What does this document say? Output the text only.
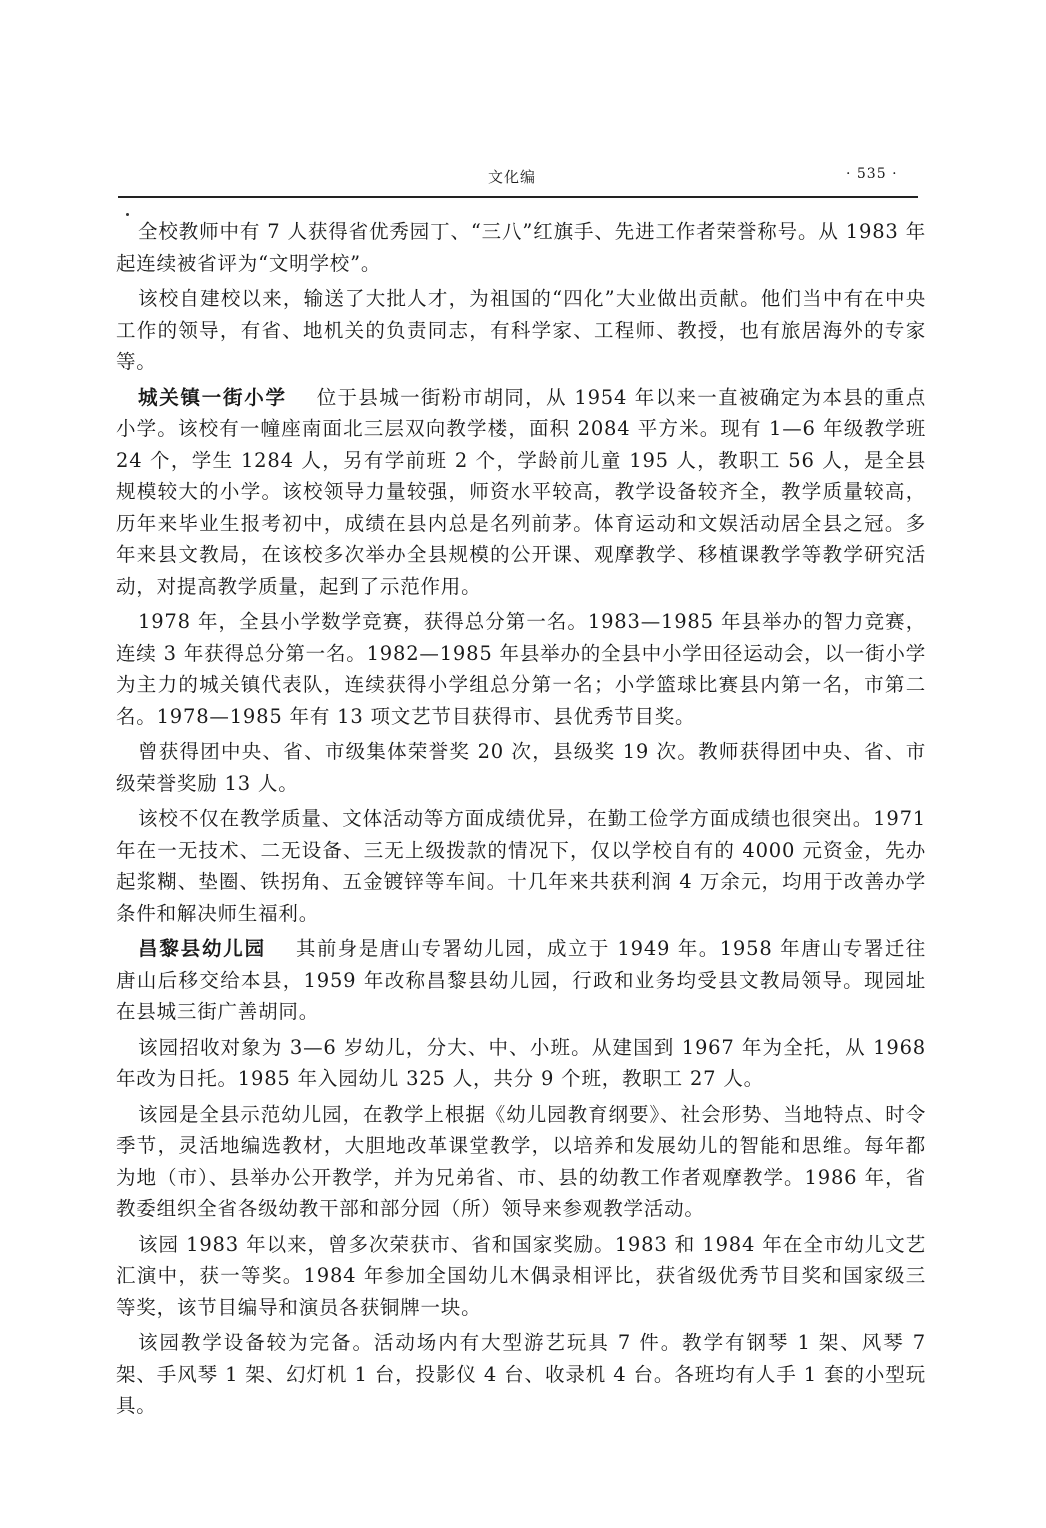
文化编	· 535 ·

全校教师中有 7 人获得省优秀园丁、“三八”红旗手、先进工作者荣誉称号。从 1983 年起连续被省评为“文明学校”。

该校自建校以来，输送了大批人才，为祖国的“四化”大业做出贡献。他们当中有在中央工作的领导，有省、地机关的负责同志，有科学家、工程师、教授，也有旅居海外的专家等。

城关镇一街小学 位于县城一街粉市胡同，从 1954 年以来一直被确定为本县的重点小学。该校有一幢座南面北三层双向教学楼，面积 2084 平方米。现有 1—6 年级教学班 24 个，学生 1284 人，另有学前班 2 个，学龄前儿童 195 人，教职工 56 人，是全县规模较大的小学。该校领导力量较强，师资水平较高，教学设备较齐全，教学质量较高，历年来毕业生报考初中，成绩在县内总是名列前茅。体育运动和文娱活动居全县之冠。多年来县文教局，在该校多次举办全县规模的公开课、观摩教学、移植课教学等教学研究活动，对提高教学质量，起到了示范作用。

1978 年，全县小学数学竞赛，获得总分第一名。1983—1985 年县举办的智力竞赛，连续 3 年获得总分第一名。1982—1985 年县举办的全县中小学田径运动会，以一街小学为主力的城关镇代表队，连续获得小学组总分第一名；小学篮球比赛县内第一名，市第二名。1978—1985 年有 13 项文艺节目获得市、县优秀节目奖。

曾获得团中央、省、市级集体荣誉奖 20 次，县级奖 19 次。教师获得团中央、省、市级荣誉奖励 13 人。

该校不仅在教学质量、文体活动等方面成绩优异，在勤工俭学方面成绩也很突出。1971 年在一无技术、二无设备、三无上级拨款的情况下，仅以学校自有的 4000 元资金，先办起浆糊、垫圈、铁拐角、五金镀锌等车间。十几年来共获利润 4 万余元，均用于改善办学条件和解决师生福利。

昌黎县幼儿园 其前身是唐山专署幼儿园，成立于 1949 年。1958 年唐山专署迁往唐山后移交给本县，1959 年改称昌黎县幼儿园，行政和业务均受县文教局领导。现园址在县城三街广善胡同。

该园招收对象为 3—6 岁幼儿，分大、中、小班。从建国到 1967 年为全托，从 1968 年改为日托。1985 年入园幼儿 325 人，共分 9 个班，教职工 27 人。

该园是全县示范幼儿园，在教学上根据《幼儿园教育纲要》、社会形势、当地特点、时令季节，灵活地编选教材，大胆地改革课堂教学，以培养和发展幼儿的智能和思维。每年都为地（市）、县举办公开教学，并为兄弟省、市、县的幼教工作者观摩教学。1986 年，省教委组织全省各级幼教干部和部分园（所）领导来参观教学活动。

该园 1983 年以来，曾多次荣获市、省和国家奖励。1983 和 1984 年在全市幼儿文艺汇演中，获一等奖。1984 年参加全国幼儿木偶录相评比，获省级优秀节目奖和国家级三等奖，该节目编导和演员各获铜牌一块。

该园教学设备较为完备。活动场内有大型游艺玩具 7 件。教学有钢琴 1 架、风琴 7 架、手风琴 1 架、幻灯机 1 台，投影仪 4 台、收录机 4 台。各班均有人手 1 套的小型玩具。
